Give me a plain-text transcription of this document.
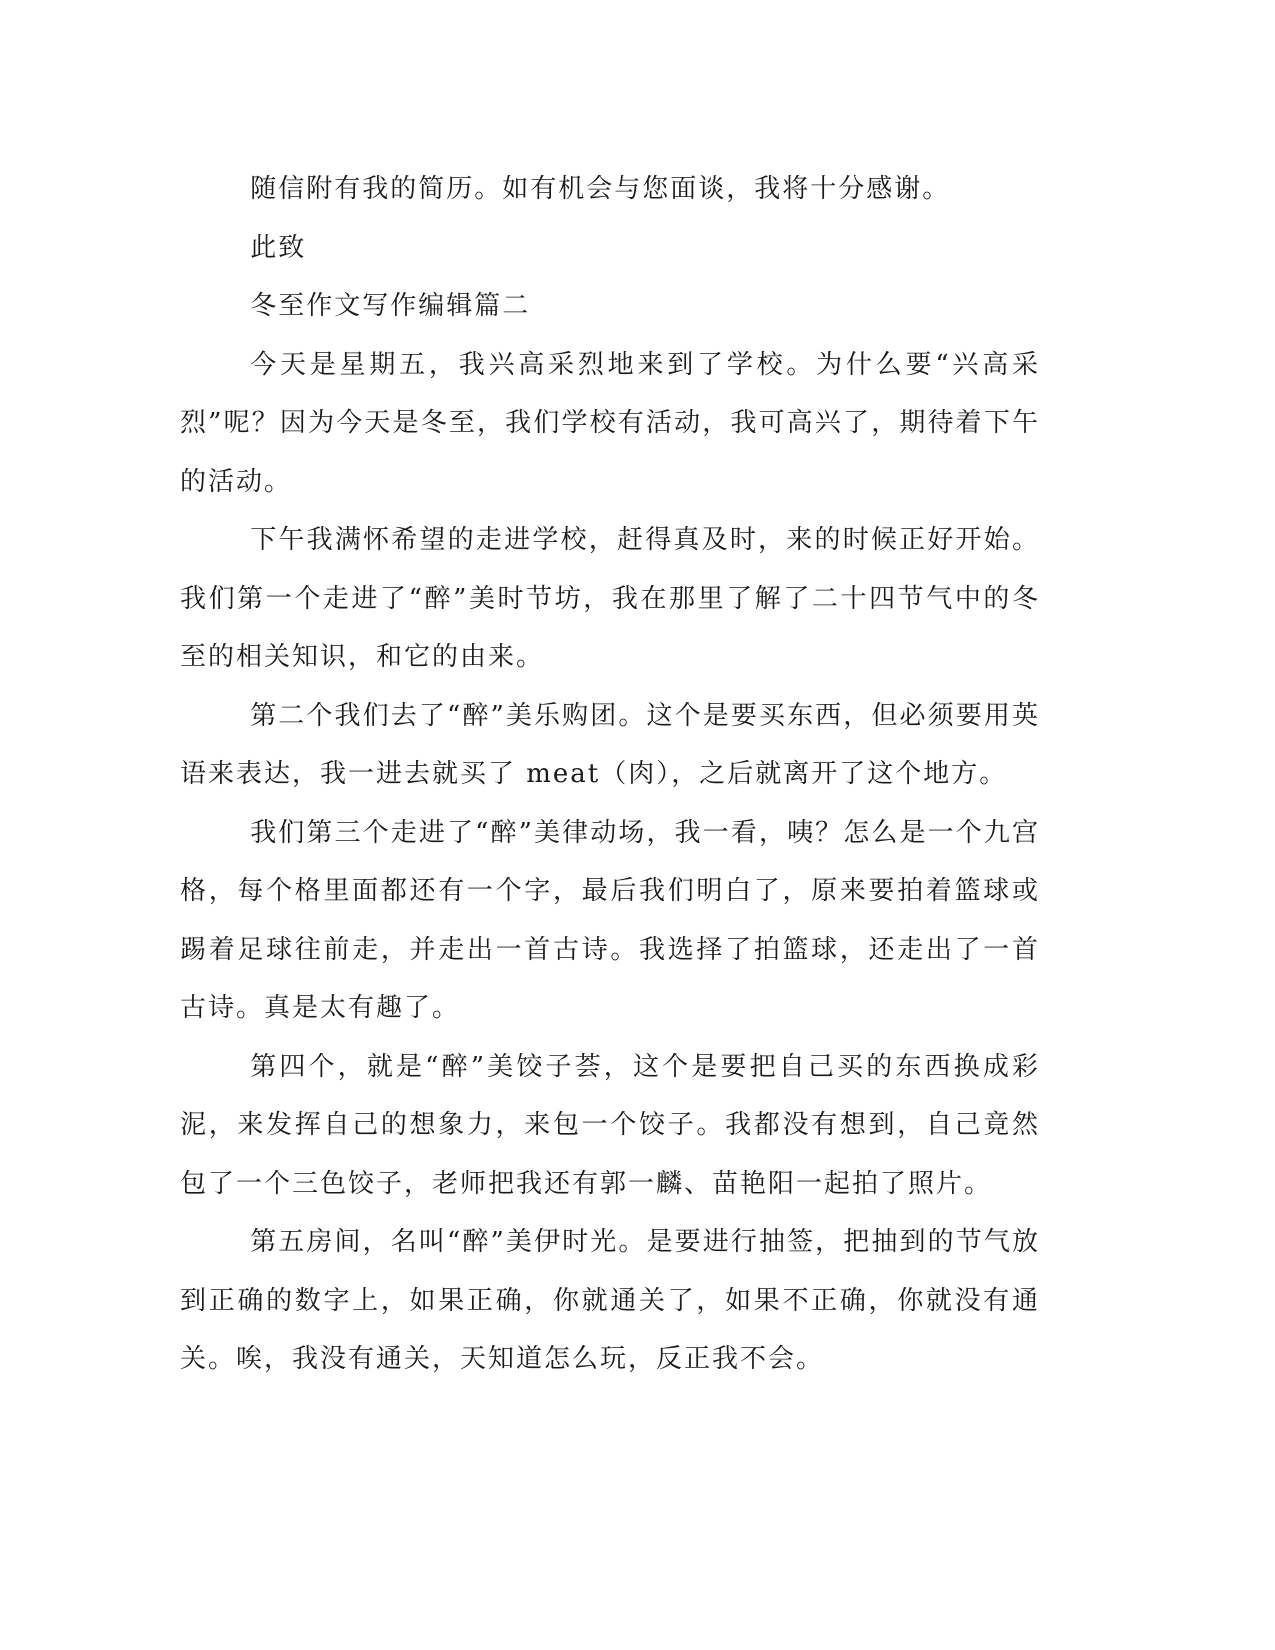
随信附有我的简历。如有机会与您面谈，我将十分感谢。

此致

冬至作文写作编辑篇二

今天是星期五，我兴高采烈地来到了学校。为什么要“兴高采烈”呢？因为今天是冬至，我们学校有活动，我可高兴了，期待着下午的活动。

下午我满怀希望的走进学校，赶得真及时，来的时候正好开始。我们第一个走进了“醉”美时节坊，我在那里了解了二十四节气中的冬至的相关知识，和它的由来。

第二个我们去了“醉”美乐购团。这个是要买东西，但必须要用英语来表达，我一进去就买了 meat（肉），之后就离开了这个地方。

我们第三个走进了“醉”美律动场，我一看，咦？怎么是一个九宫格，每个格里面都还有一个字，最后我们明白了，原来要拍着篮球或踢着足球往前走，并走出一首古诗。我选择了拍篮球，还走出了一首古诗。真是太有趣了。

第四个，就是“醉”美饺子荟，这个是要把自己买的东西换成彩泥，来发挥自己的想象力，来包一个饺子。我都没有想到，自己竟然包了一个三色饺子，老师把我还有郭一麟、苗艳阳一起拍了照片。

第五房间，名叫“醉”美伊时光。是要进行抽签，把抽到的节气放到正确的数字上，如果正确，你就通关了，如果不正确，你就没有通关。唉，我没有通关，天知道怎么玩，反正我不会。
